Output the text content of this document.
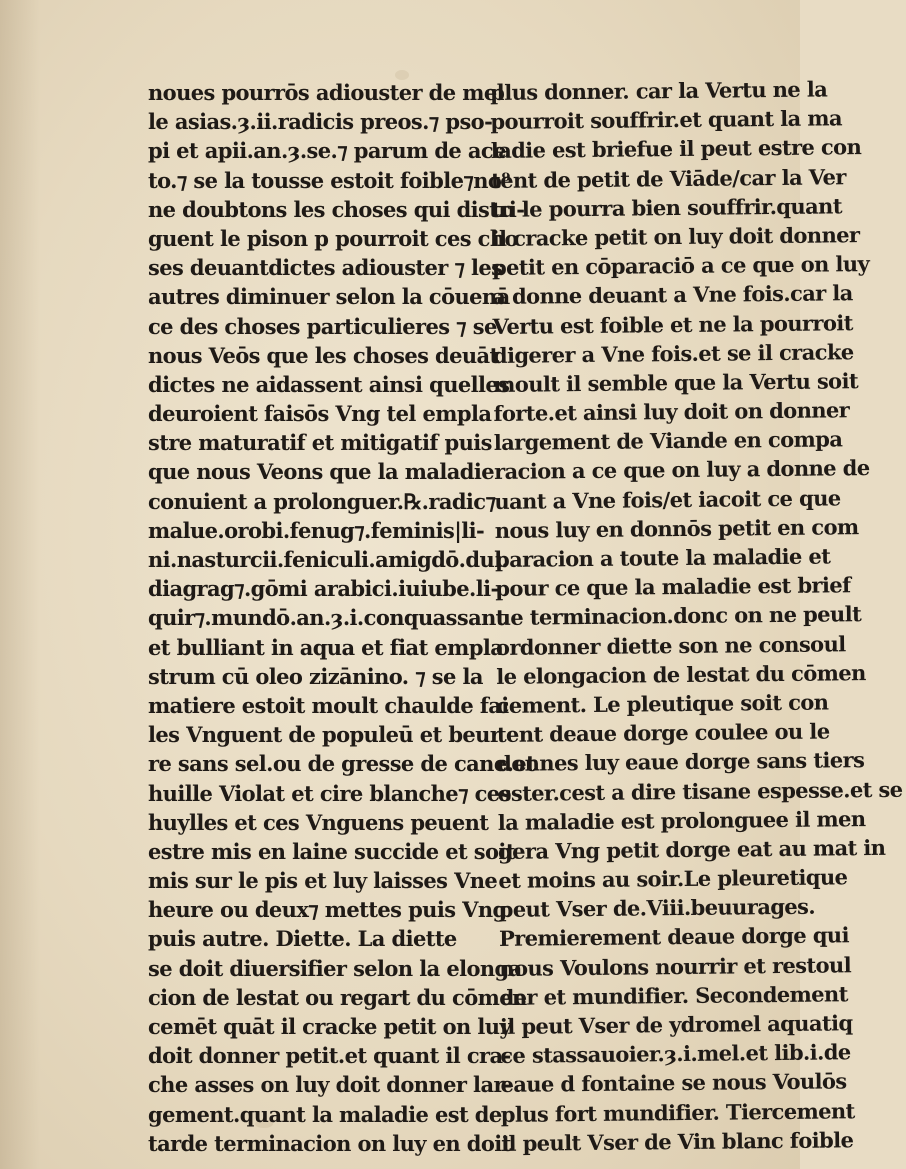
noues pourrōs adiouster de mel
le asias.ȝ.ii.radicis preos.⁊ pso-
pi et apii.an.ȝ.se.⁊ parum de ace
to.⁊ se la tousse estoit foible⁊no⁹
ne doubtons les choses qui distri-
guent le pison p pourroit ces cho
ses deuantdictes adiouster ⁊ les
autres diminuer selon la cōuenā
ce des choses particulieres ⁊ se
nous Veōs que les choses deuāt
dictes ne aidassent ainsi quelles
deuroient faisōs Vng tel empla
stre maturatif et mitigatif puis
que nous Veons que la maladie
conuient a prolonguer.℞.radic⁊
malue.orobi.fenug⁊.feminis|li-
ni.nasturcii.feniculi.amigdō.dul.
diagrag⁊.gōmi arabici.iuiube.li-
quir⁊.mundō.an.ȝ.i.conquassant
et bulliant in aqua et fiat empla
strum cū oleo zizānino. ⁊ se la
matiere estoit moult chaulde fai
les Vnguent de populeū et beur
re sans sel.ou de gresse de cane.et
huille Violat et cire blanche⁊ ces
huylles et ces Vnguens peuent
estre mis en laine succide et soit
mis sur le pis et luy laisses Vne
heure ou deux⁊ mettes puis Vng
puis autre. Diette. La diette
se doit diuersifier selon la elonga
cion de lestat ou regart du cōmen
cemēt quāt il cracke petit on luy
doit donner petit.et quant il cra-
che asses on luy doit donner lar-
gement.quant la maladie est de
tarde terminacion on luy en doit
plus donner. car la Vertu ne la
pourroit souffrir.et quant la ma
ladie est briefue il peut estre con
tent de petit de Viāde/car la Ver
tu le pourra bien souffrir.quant
il cracke petit on luy doit donner
petit en cōparaciō a ce que on luy
a donne deuant a Vne fois.car la
Vertu est foible et ne la pourroit
digerer a Vne fois.et se il cracke
moult il semble que la Vertu soit
forte.et ainsi luy doit on donner
largement de Viande en compa
racion a ce que on luy a donne de
uant a Vne fois/et iacoit ce que
nous luy en donnōs petit en com
paracion a toute la maladie et
pour ce que la maladie est brief
ue terminacion.donc on ne peult
ordonner diette son ne consoul
le elongacion de lestat du cōmen
cement. Le pleutique soit con
tent deaue dorge coulee ou le
donnes luy eaue dorge sans tiers
oster.cest a dire tisane espesse.et se
la maladie est prolonguee il men
gera Vng petit dorge eat au mat in
et moins au soir.Le pleuretique
peut Vser de.Viii.beuurages.
Premierement deaue dorge qui
nous Voulons nourrir et restoul
der et mundifier. Secondement
il peut Vser de ydromel aquatiq
ce stassauoier.ȝ.i.mel.et lib.i.de
eaue d fontaine se nous Voulōs
plus fort mundifier. Tiercement
il peult Vser de Vin blanc foible
